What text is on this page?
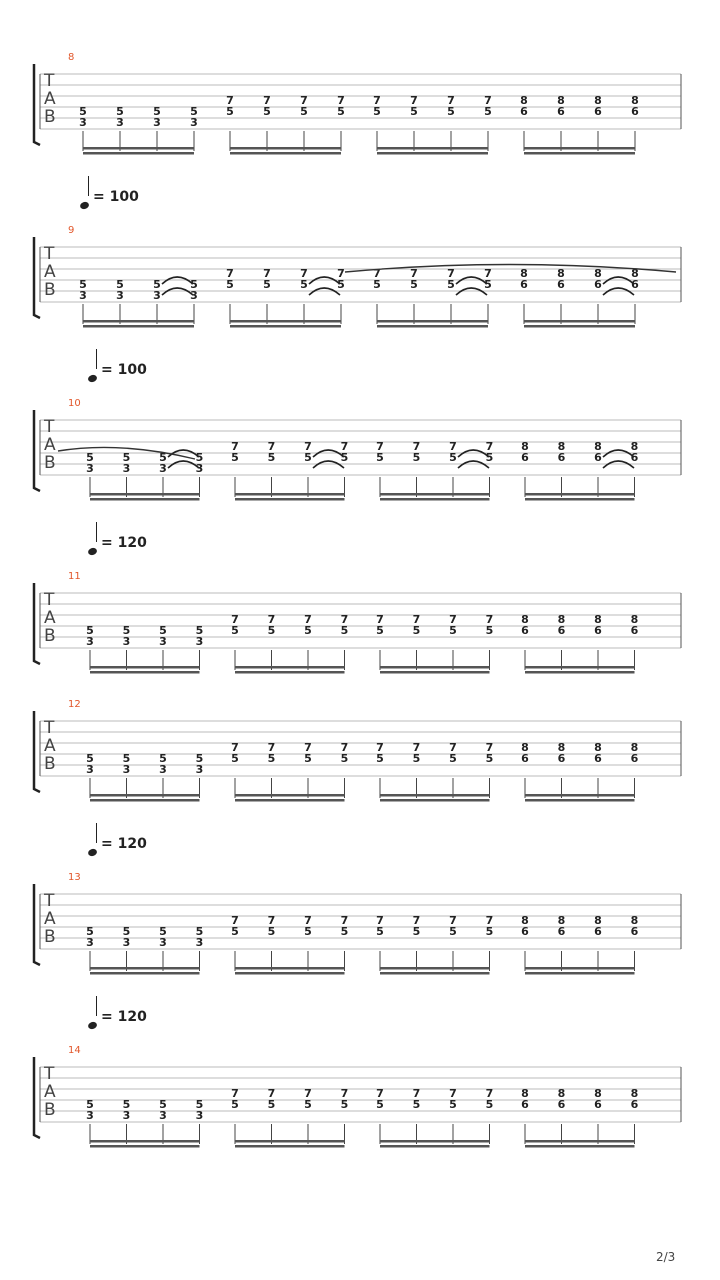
8
T
A
B 5
3
5
3
5
3
5
3
7
5
7
5
7
5
7
5
7
5
7
5
7
5
7
5
8
6
8
6
8
6
8
6
= 100
9
T
A
B 5
3
5
3
5
3
5
3
7
5
7
5
7
5
7
5
7
5
7
5
7
5
7
5
8
6
8
6
8
6
8
6
= 100
10
T
A
B	5
3
5
3
5
3
5
3
7
5
7
5
7
5
7
5
7
5
7
5
7
5
7
5
8
6
8
6
8
6
8
6
= 120
11
T
A
B	5
3
5
3
5
3
5
3
7
5
7
5
7
5
7
5
7
5
7
5
7
5
7
5
8
6
8
6
8
6
8
6
12
T
A
B	5
3
5
3
5
3
5
3
7
5
7
5
7
5
7
5
7
5
7
5
7
5
7
5
8
6
8
6
8
6
8
6
= 120
13
T
A
B	5
3
5
3
5
3
5
3
7
5
7
5
7
5
7
5
7
5
7
5
7
5
7
5
8
6
8
6
8
6
8
6
= 120
14
T
A
B	5
3
5
3
5
3
5
3
7
5
7
5
7
5
7
5
7
5
7
5
7
5
7
5
8
6
8
6
8
6
8
6
2/3
